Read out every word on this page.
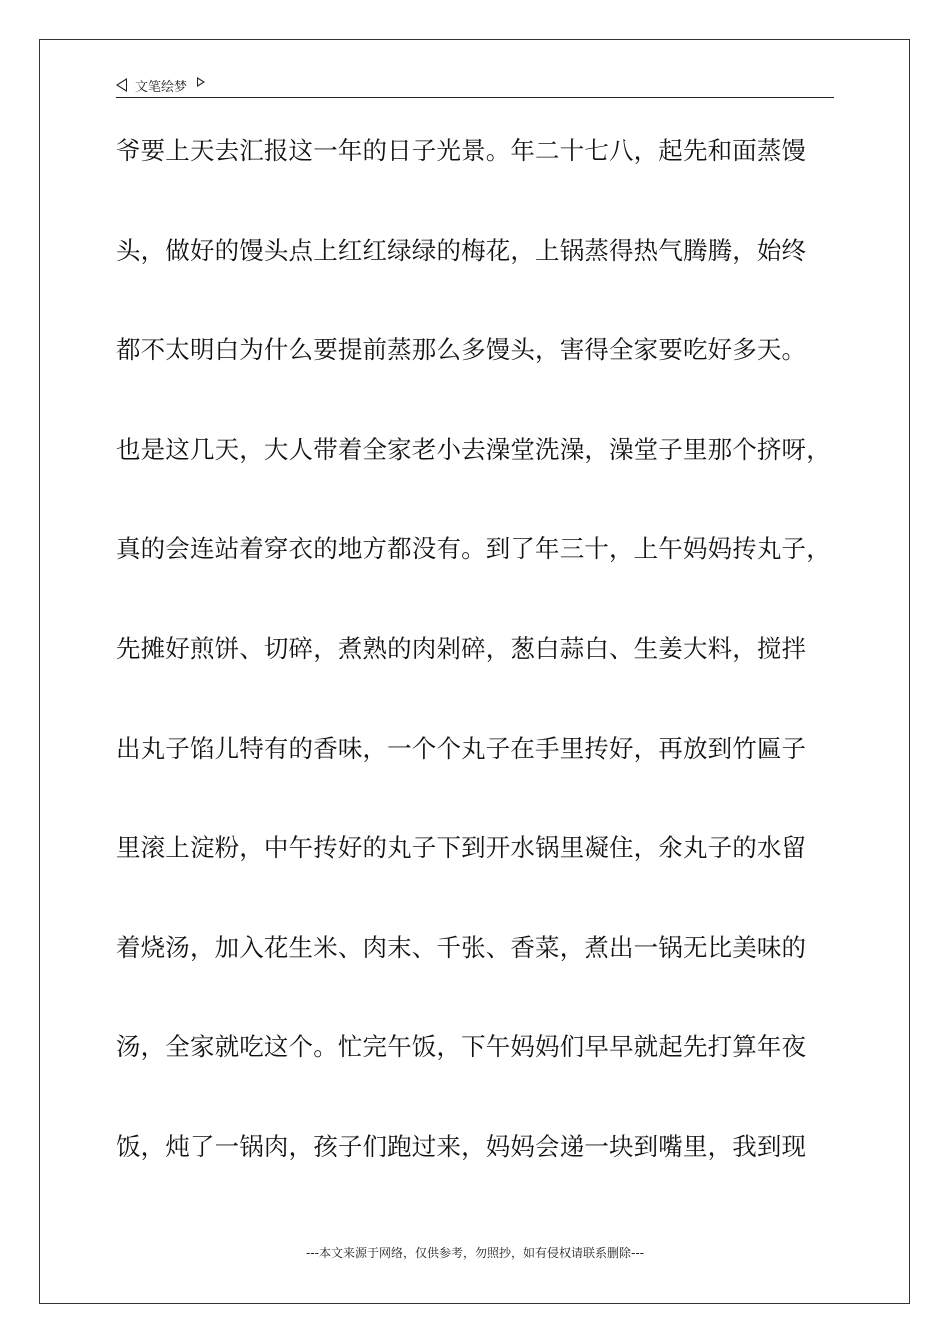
文笔绘梦
爷要上天去汇报这一年的日子光景。年二十七八，起先和面蒸馒
头，做好的馒头点上红红绿绿的梅花，上锅蒸得热气腾腾，始终
都不太明白为什么要提前蒸那么多馒头，害得全家要吃好多天。
也是这几天，大人带着全家老小去澡堂洗澡，澡堂子里那个挤呀，
真的会连站着穿衣的地方都没有。到了年三十，上午妈妈抟丸子，
先摊好煎饼、切碎，煮熟的肉剁碎，葱白蒜白、生姜大料，搅拌
出丸子馅儿特有的香味，一个个丸子在手里抟好，再放到竹匾子
里滚上淀粉，中午抟好的丸子下到开水锅里凝住，氽丸子的水留
着烧汤，加入花生米、肉末、千张、香菜，煮出一锅无比美味的
汤，全家就吃这个。忙完午饭，下午妈妈们早早就起先打算年夜
饭，炖了一锅肉，孩子们跑过来，妈妈会递一块到嘴里，我到现
---本文来源于网络，仅供参考，勿照抄，如有侵权请联系删除---
